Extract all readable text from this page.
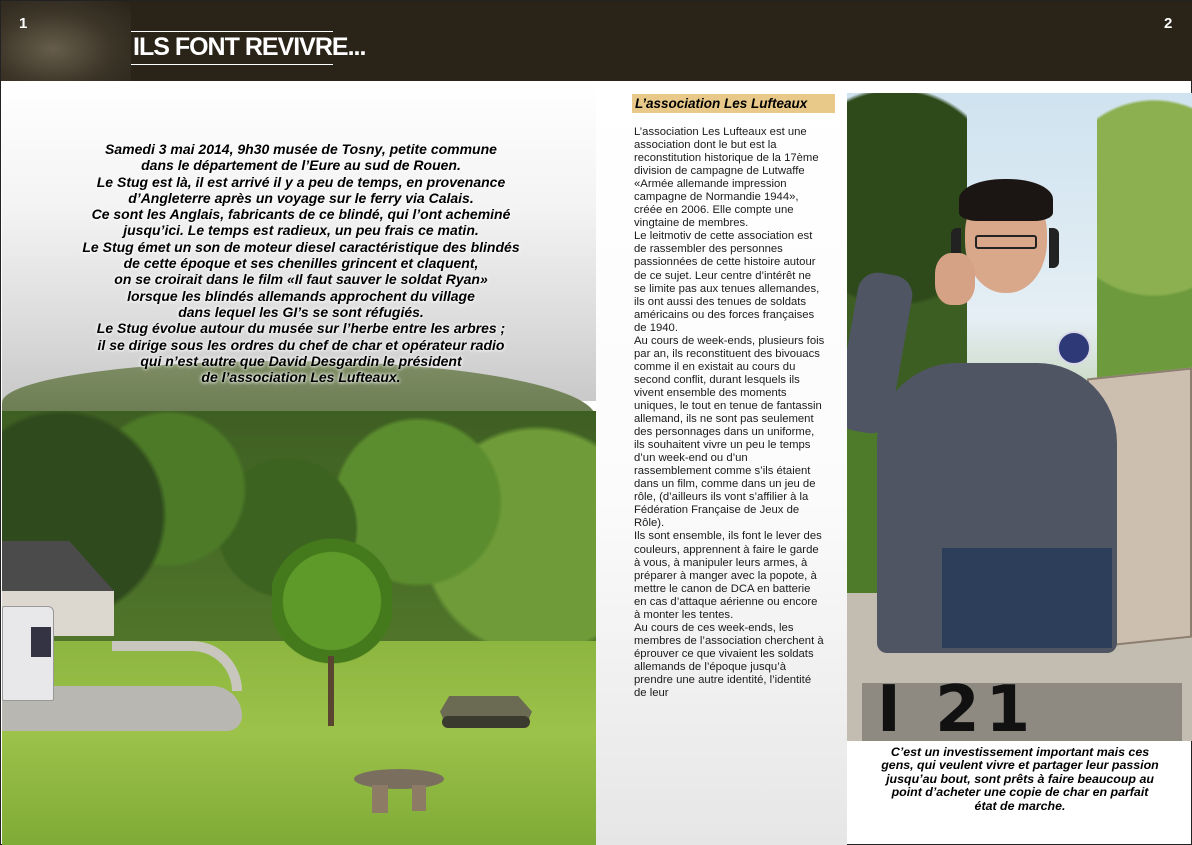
1	2
ILS FONT REVIVRE...
Samedi 3 mai 2014, 9h30 musée de Tosny, petite commune
dans le département de l’Eure au sud de Rouen.
Le Stug est là, il est arrivé il y a peu de temps, en provenance
d’Angleterre après un voyage sur le ferry via Calais.
Ce sont les Anglais, fabricants de ce blindé, qui l’ont acheminé
jusqu’ici. Le temps est radieux, un peu frais ce matin.
Le Stug émet un son de moteur diesel caractéristique des blindés
de cette époque et ses chenilles grincent et claquent,
on se croirait dans le film «Il faut sauver le soldat Ryan»
lorsque les blindés allemands approchent du village
dans lequel les GI’s se sont réfugiés.
Le Stug évolue autour du musée sur l’herbe entre les arbres ;
il se dirige sous les ordres du chef de char et opérateur radio
qui n’est autre que David Desgardin le président
de l’association Les Lufteaux.
L’association Les Lufteaux

L’association Les Lufteaux est une association dont le but est la reconstitution historique de la 17ème division de campagne de Lutwaffe «Armée allemande impression campagne de Normandie 1944», créée en 2006. Elle compte une vingtaine de membres.

Le leitmotiv de cette association est de rassembler des personnes passionnées de cette histoire autour de ce sujet. Leur centre d’intérêt ne se limite pas aux tenues allemandes, ils ont aussi des tenues de soldats américains ou des forces françaises de 1940.

Au cours de week-ends, plusieurs fois par an, ils reconstituent des bivouacs comme il en existait au cours du second conflit, durant lesquels ils vivent ensemble des moments uniques, le tout en tenue de fantassin allemand, ils ne sont pas seulement des personnages dans un uniforme, ils souhaitent vivre un peu le temps d’un week-end ou d’un rassemblement comme s’ils étaient dans un film, comme dans un jeu de rôle, (d’ailleurs ils vont s’affilier à la Fédération Française de Jeux de Rôle).

Ils sont ensemble, ils font le lever des couleurs, apprennent à faire le garde à vous, à manipuler leurs armes, à préparer à manger avec la popote, à mettre le canon de DCA en batterie en cas d’attaque aérienne ou encore à monter les tentes.

Au cours de ces week-ends, les membres de l’association cherchent à éprouver ce que vivaient les soldats allemands de l’époque jusqu’à prendre une autre identité, l’identité de leur	I 21
C’est un investissement important mais ces
gens, qui veulent vivre et partager leur passion
jusqu’au bout, sont prêts à faire beaucoup au
point d’acheter une copie de char en parfait
état de marche.
